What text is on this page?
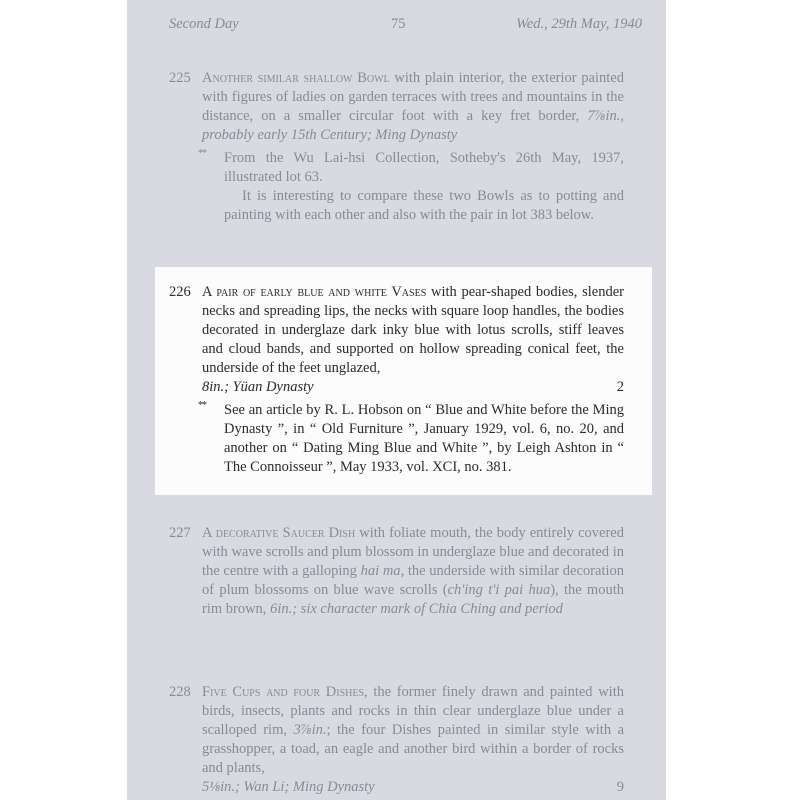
Second Day	75	Wed., 29th May, 1940
225 Another similar shallow Bowl with plain interior, the exterior painted with figures of ladies on garden terraces with trees and mountains in the distance, on a smaller circular foot with a key fret border, 7⅞in., probably early 15th Century; Ming Dynasty
** From the Wu Lai-hsi Collection, Sotheby's 26th May, 1937, illustrated lot 63.
It is interesting to compare these two Bowls as to potting and painting with each other and also with the pair in lot 383 below.
226 A pair of early blue and white Vases with pear-shaped bodies, slender necks and spreading lips, the necks with square loop handles, the bodies decorated in underglaze dark inky blue with lotus scrolls, stiff leaves and cloud bands, and supported on hollow spreading conical feet, the underside of the feet unglazed,
8in.; Yüan Dynasty	2
** See an article by R. L. Hobson on “ Blue and White before the Ming Dynasty ”, in “ Old Furniture ”, January 1929, vol. 6, no. 20, and another on “ Dating Ming Blue and White ”, by Leigh Ashton in “ The Connoisseur ”, May 1933, vol. XCI, no. 381.
227 A decorative Saucer Dish with foliate mouth, the body entirely covered with wave scrolls and plum blossom in underglaze blue and decorated in the centre with a galloping hai ma, the underside with similar decoration of plum blossoms on blue wave scrolls (ch'ing t'i pai hua), the mouth rim brown, 6in.; six character mark of Chia Ching and period
228 Five Cups and four Dishes, the former finely drawn and painted with birds, insects, plants and rocks in thin clear underglaze blue under a scalloped rim, 3⅞in.; the four Dishes painted in similar style with a grasshopper, a toad, an eagle and another bird within a border of rocks and plants,
5⅛in.; Wan Li; Ming Dynasty	9
